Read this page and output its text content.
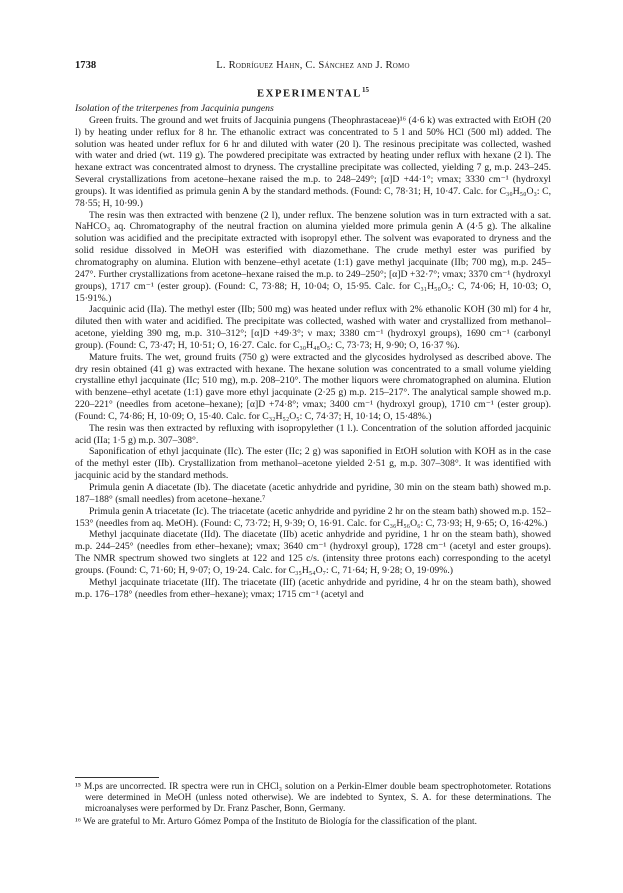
1738	L. Rodríguez Hahn, C. Sánchez and J. Romo
EXPERIMENTAL$^{15}$

Isolation of the triterpenes from Jacquinia pungens

Green fruits. The ground and wet fruits of Jacquinia pungens (Theophrastaceae)¹⁶ (4·6 k) was extracted with EtOH (20 l) by heating under reflux for 8 hr. The ethanolic extract was concentrated to 5 l and 50% HCl (500 ml) added. The solution was heated under reflux for 6 hr and diluted with water (20 l). The resinous precipitate was collected, washed with water and dried (wt. 119 g). The powdered precipitate was extracted by heating under reflux with hexane (2 l). The hexane extract was concentrated almost to dryness. The crystalline precipitate was collected, yielding 7 g, m.p. 243–245. Several crystallizations from acetone–hexane raised the m.p. to 248–249°; [α]D +44·1°; νmax; 3330 cm⁻¹ (hydroxyl groups). It was identified as primula genin A by the standard methods. (Found: C, 78·31; H, 10·47. Calc. for C₃₀H₅₀O₃: C, 78·55; H, 10·99.)

The resin was then extracted with benzene (2 l), under reflux. The benzene solution was in turn extracted with a sat. NaHCO₃ aq. Chromatography of the neutral fraction on alumina yielded more primula genin A (4·5 g). The alkaline solution was acidified and the precipitate extracted with isopropyl ether. The solvent was evaporated to dryness and the solid residue dissolved in MeOH was esterified with diazomethane. The crude methyl ester was purified by chromatography on alumina. Elution with benzene–ethyl acetate (1:1) gave methyl jacquinate (IIb; 700 mg), m.p. 245–247°. Further crystallizations from acetone–hexane raised the m.p. to 249–250°; [α]D +32·7°; νmax; 3370 cm⁻¹ (hydroxyl groups), 1717 cm⁻¹ (ester group). (Found: C, 73·88; H, 10·04; O, 15·95. Calc. for C₃₁H₅₀O₅: C, 74·06; H, 10·03; O, 15·91%.)

Jacquinic acid (IIa). The methyl ester (IIb; 500 mg) was heated under reflux with 2% ethanolic KOH (30 ml) for 4 hr, diluted then with water and acidified. The precipitate was collected, washed with water and crystallized from methanol–acetone, yielding 390 mg, m.p. 310–312°; [α]D +49·3°; ν max; 3380 cm⁻¹ (hydroxyl groups), 1690 cm⁻¹ (carbonyl group). (Found: C, 73·47; H, 10·51; O, 16·27. Calc. for C₃₀H₄₈O₅: C, 73·73; H, 9·90; O, 16·37 %).

Mature fruits. The wet, ground fruits (750 g) were extracted and the glycosides hydrolysed as described above. The dry resin obtained (41 g) was extracted with hexane. The hexane solution was concentrated to a small volume yielding crystalline ethyl jacquinate (IIc; 510 mg), m.p. 208–210°. The mother liquors were chromatographed on alumina. Elution with benzene–ethyl acetate (1:1) gave more ethyl jacquinate (2·25 g) m.p. 215–217°. The analytical sample showed m.p. 220–221° (needles from acetone–hexane); [α]D +74·8°; νmax; 3400 cm⁻¹ (hydroxyl group), 1710 cm⁻¹ (ester group). (Found: C, 74·86; H, 10·09; O, 15·40. Calc. for C₃₂H₅₂O₅: C, 74·37; H, 10·14; O, 15·48%.)

The resin was then extracted by refluxing with isopropylether (1 l.). Concentration of the solution afforded jacquinic acid (IIa; 1·5 g) m.p. 307–308°.

Saponification of ethyl jacquinate (IIc). The ester (IIc; 2 g) was saponified in EtOH solution with KOH as in the case of the methyl ester (IIb). Crystallization from methanol–acetone yielded 2·51 g, m.p. 307–308°. It was identified with jacquinic acid by the standard methods.

Primula genin A diacetate (Ib). The diacetate (acetic anhydride and pyridine, 30 min on the steam bath) showed m.p. 187–188° (small needles) from acetone–hexane.⁷

Primula genin A triacetate (Ic). The triacetate (acetic anhydride and pyridine 2 hr on the steam bath) showed m.p. 152–153° (needles from aq. MeOH). (Found: C, 73·72; H, 9·39; O, 16·91. Calc. for C₃₆H₅₆O₆: C, 73·93; H, 9·65; O, 16·42%.)

Methyl jacquinate diacetate (IId). The diacetate (IIb) acetic anhydride and pyridine, 1 hr on the steam bath), showed m.p. 244–245° (needles from ether–hexane); νmax; 3640 cm⁻¹ (hydroxyl group), 1728 cm⁻¹ (acetyl and ester groups). The NMR spectrum showed two singlets at 122 and 125 c/s. (intensity three protons each) corresponding to the acetyl groups. (Found: C, 71·60; H, 9·07; O, 19·24. Calc. for C₃₅H₅₄O₇: C, 71·64; H, 9·28; O, 19·09%.)

Methyl jacquinate triacetate (IIf). The triacetate (IIf) (acetic anhydride and pyridine, 4 hr on the steam bath), showed m.p. 176–178° (needles from ether–hexane); νmax; 1715 cm⁻¹ (acetyl and

¹⁵ M.ps are uncorrected. IR spectra were run in CHCl₃ solution on a Perkin-Elmer double beam spectrophotometer. Rotations were determined in MeOH (unless noted otherwise). We are indebted to Syntex, S. A. for these determinations. The microanalyses were performed by Dr. Franz Pascher, Bonn, Germany.

¹⁶ We are grateful to Mr. Arturo Gómez Pompa of the Instituto de Biología for the classification of the plant.
